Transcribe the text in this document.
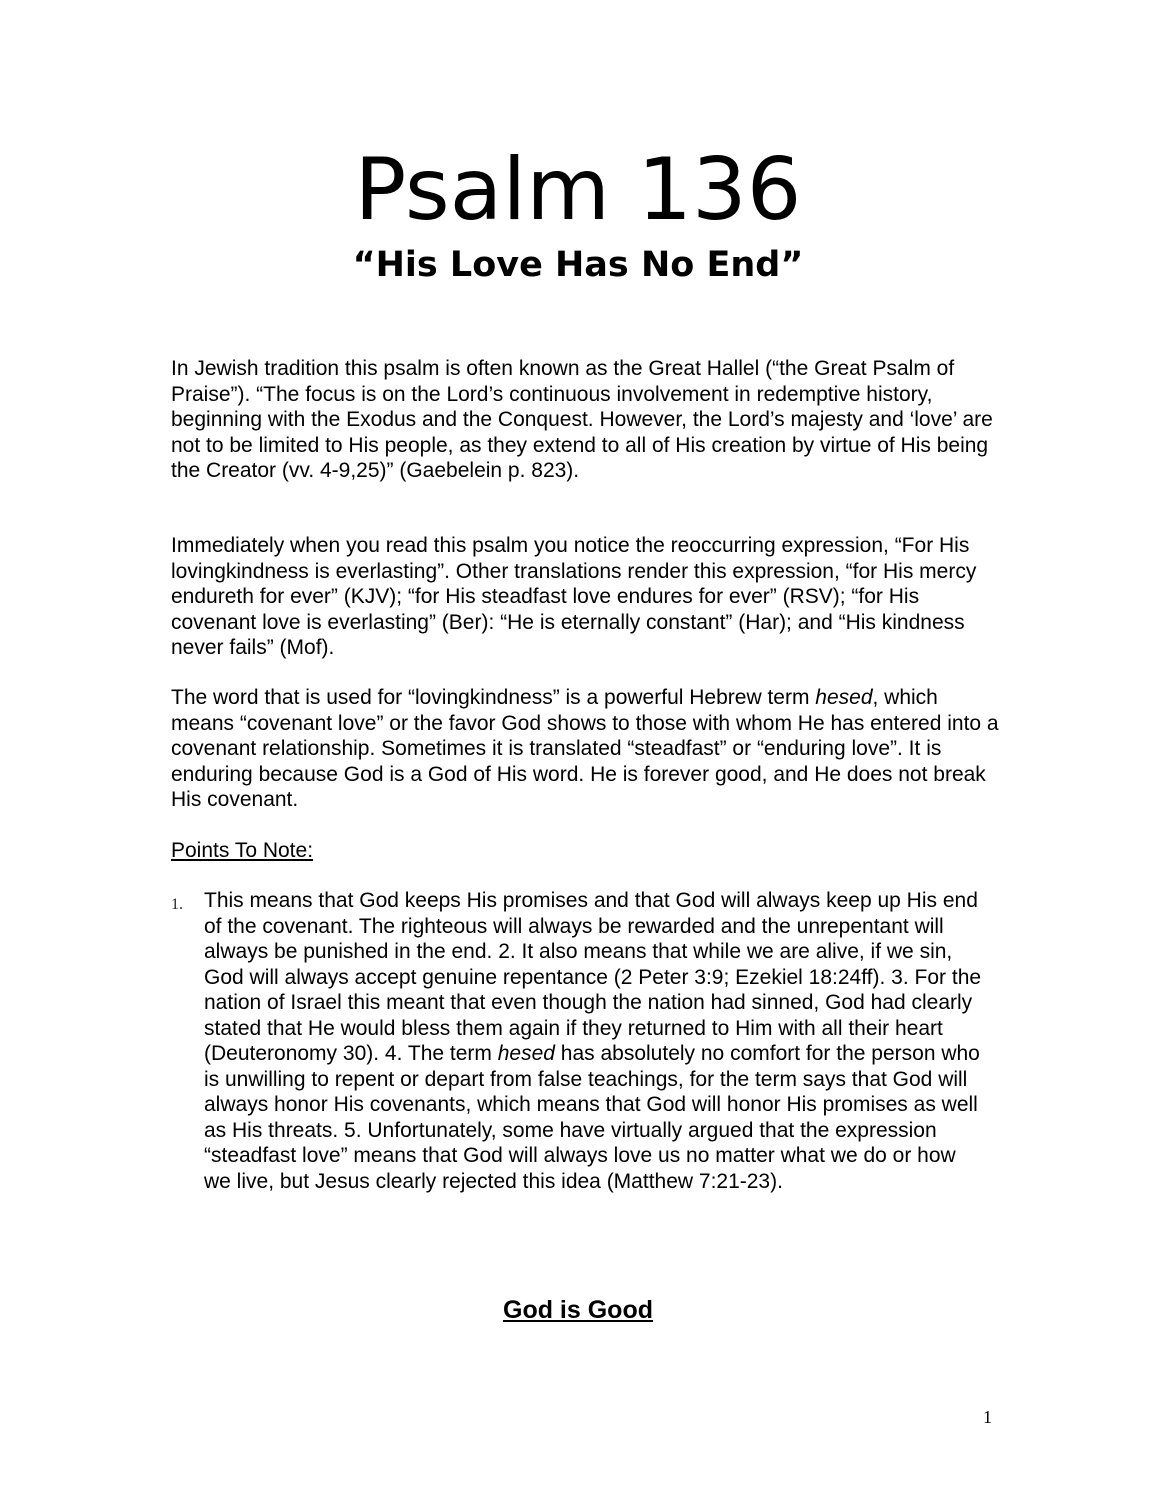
Psalm 136
“His Love Has No End”

In Jewish tradition this psalm is often known as the Great Hallel (“the Great Psalm of Praise”). “The focus is on the Lord’s continuous involvement in redemptive history, beginning with the Exodus and the Conquest. However, the Lord’s majesty and ‘love’ are not to be limited to His people, as they extend to all of His creation by virtue of His being the Creator (vv. 4-9,25)” (Gaebelein p. 823).

Immediately when you read this psalm you notice the reoccurring expression, “For His lovingkindness is everlasting”. Other translations render this expression, “for His mercy endureth for ever” (KJV); “for His steadfast love endures for ever” (RSV); “for His covenant love is everlasting” (Ber): “He is eternally constant” (Har); and “His kindness never fails” (Mof).

The word that is used for “lovingkindness” is a powerful Hebrew term hesed, which means “covenant love” or the favor God shows to those with whom He has entered into a covenant relationship. Sometimes it is translated “steadfast” or “enduring love”. It is enduring because God is a God of His word. He is forever good, and He does not break His covenant.

Points To Note:

1. This means that God keeps His promises and that God will always keep up His end of the covenant. The righteous will always be rewarded and the unrepentant will always be punished in the end. 2. It also means that while we are alive, if we sin, God will always accept genuine repentance (2 Peter 3:9; Ezekiel 18:24ff). 3. For the nation of Israel this meant that even though the nation had sinned, God had clearly stated that He would bless them again if they returned to Him with all their heart (Deuteronomy 30). 4. The term hesed has absolutely no comfort for the person who is unwilling to repent or depart from false teachings, for the term says that God will always honor His covenants, which means that God will honor His promises as well as His threats. 5. Unfortunately, some have virtually argued that the expression “steadfast love” means that God will always love us no matter what we do or how we live, but Jesus clearly rejected this idea (Matthew 7:21-23).

God is Good
1
